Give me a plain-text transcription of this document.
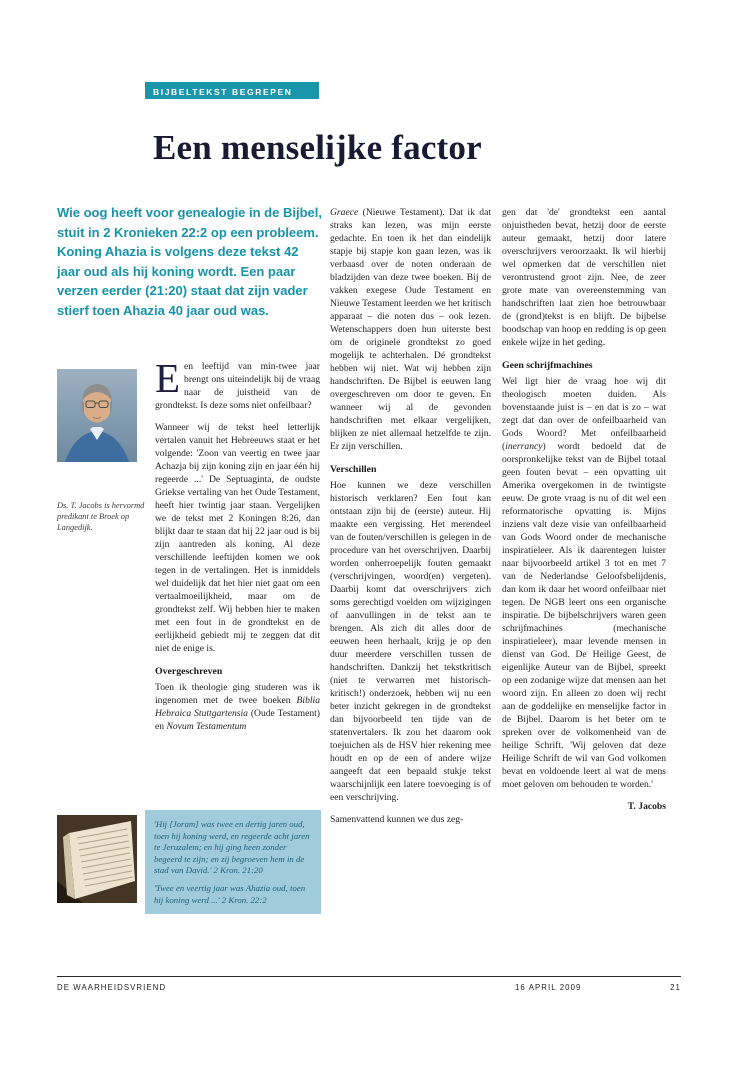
BIJBELTEKST BEGREPEN
Een menselijke factor

Wie oog heeft voor genealogie in de Bijbel, stuit in 2 Kronieken 22:2 op een probleem. Koning Ahazia is volgens deze tekst 42 jaar oud als hij koning wordt. Een paar verzen eerder (21:20) staat dat zijn vader stierf toen Ahazia 40 jaar oud was.

Ds. T. Jacobs is hervormd predikant te Broek op Langedijk.

Een leeftijd van min-twee jaar brengt ons uiteindelijk bij de vraag naar de juistheid van de grondtekst. Is deze soms niet onfeilbaar?

Wanneer wij de tekst heel letterlijk vertalen vanuit het Hebreeuws staat er het volgende: 'Zoon van veertig en twee jaar Achazja bij zijn koning zijn en jaar één hij regeerde ...' De Septuaginta, de oudste Griekse vertaling van het Oude Testament, heeft hier twintig jaar staan. Vergelijken we de tekst met 2 Koningen 8:26, dan blijkt daar te staan dat hij 22 jaar oud is bij zijn aantreden als koning. Al deze verschillende leeftijden komen we ook tegen in de vertalingen. Het is inmiddels wel duidelijk dat het hier niet gaat om een vertaalmoeilijkheid, maar om de grondtekst zelf. Wij hebben hier te maken met een fout in de grondtekst en de eerlijkheid gebiedt mij te zeggen dat dit niet de enige is.

Overgeschreven

Toen ik theologie ging studeren was ik ingenomen met de twee boeken Biblia Hebraica Stuttgartensia (Oude Testament) en Novum Testamentum

Graece (Nieuwe Testament). Dat ik dat straks kan lezen, was mijn eerste gedachte. En toen ik het dan eindelijk stapje bij stapje kon gaan lezen, was ik verbaasd over de noten onderaan de bladzijden van deze twee boeken. Bij de vakken exegese Oude Testament en Nieuwe Testament leerden we het kritisch apparaat – die noten dus – ook lezen. Wetenschappers doen hun uiterste best om de originele grondtekst zo goed mogelijk te achterhalen. Dé grondtekst hebben wij niet. Wat wij hebben zijn handschriften. De Bijbel is eeuwen lang overgeschreven om door te geven. En wanneer wij al de gevonden handschriften met elkaar vergelijken, blijken ze niet allemaal hetzelfde te zijn. Er zijn verschillen.

Verschillen

Hoe kunnen we deze verschillen historisch verklaren? Een fout kan ontstaan zijn bij de (eerste) auteur. Hij maakte een vergissing. Het merendeel van de fouten/verschillen is gelegen in de procedure van het overschrijven. Daarbij worden onherroepelijk fouten gemaakt (verschrijvingen, woord(en) vergeten). Daarbij komt dat overschrijvers zich soms gerechtigd voelden om wijzigingen of aanvullingen in de tekst aan te brengen. Als zich dit alles door de eeuwen heen herhaalt, krijg je op den duur meerdere verschillen tussen de handschriften. Dankzij het tekstkritisch (niet te verwarren met historisch-kritisch!) onderzoek, hebben wij nu een beter inzicht gekregen in de grondtekst dan bijvoorbeeld ten tijde van de statenvertalers. Ik zou het daarom ook toejuichen als de HSV hier rekening mee houdt en op de een of andere wijze aangeeft dat een bepaald stukje tekst waarschijnlijk een latere toevoeging is of een verschrijving.

Samenvattend kunnen we dus zeg-

gen dat 'de' grondtekst een aantal onjuistheden bevat, hetzij door de eerste auteur gemaakt, hetzij door latere overschrijvers veroorzaakt. Ik wil hierbij wel opmerken dat de verschillen niet verontrustend groot zijn. Nee, de zeer grote mate van overeenstemming van handschriften laat zien hoe betrouwbaar de (grond)tekst is en blijft. De bijbelse boodschap van hoop en redding is op geen enkele wijze in het geding.

Geen schrijfmachines

Wel ligt hier de vraag hoe wij dit theologisch moeten duiden. Als bovenstaande juist is – en dat is zo – wat zegt dat dan over de onfeilbaarheid van Gods Woord? Met onfeilbaarheid (inerrancy) wordt bedoeld dat de oorspronkelijke tekst van de Bijbel totaal geen fouten bevat – een opvatting uit Amerika overgekomen in de twintigste eeuw. De grote vraag is nu of dit wel een reformatorische opvatting is. Mijns inziens valt deze visie van onfeilbaarheid van Gods Woord onder de mechanische inspiratieleer. Als ik daarentegen luister naar bijvoorbeeld artikel 3 tot en met 7 van de Nederlandse Geloofsbelijdenis, dan kom ik daar het woord onfeilbaar niet tegen. De NGB leert ons een organische inspiratie. De bijbelschrijvers waren geen schrijfmachines (mechanische inspiratieleer), maar levende mensen in dienst van God. De Heilige Geest, de eigenlijke Auteur van de Bijbel, spreekt op een zodanige wijze dat mensen aan het woord zijn. En alleen zo doen wij recht aan de goddelijke en menselijke factor in de Bijbel. Daarom is het beter om te spreken over de volkomenheid van de heilige Schrift. 'Wij geloven dat deze Heilige Schrift de wil van God volkomen bevat en voldoende leert al wat de mens moet geloven om behouden te worden.'

T. Jacobs

'Hij [Joram] was twee en dertig jaren oud, toen hij koning werd, en regeerde acht jaren te Jeruzalem; en hij ging heen zonder begeerd te zijn; en zij begroeven hem in de stad van David.' 2 Kron. 21:20

'Twee en veertig jaar was Ahazia oud, toen hij koning werd ...' 2 Kron. 22:2

DE WAARHEIDSVRIEND	16 APRIL 2009	21
